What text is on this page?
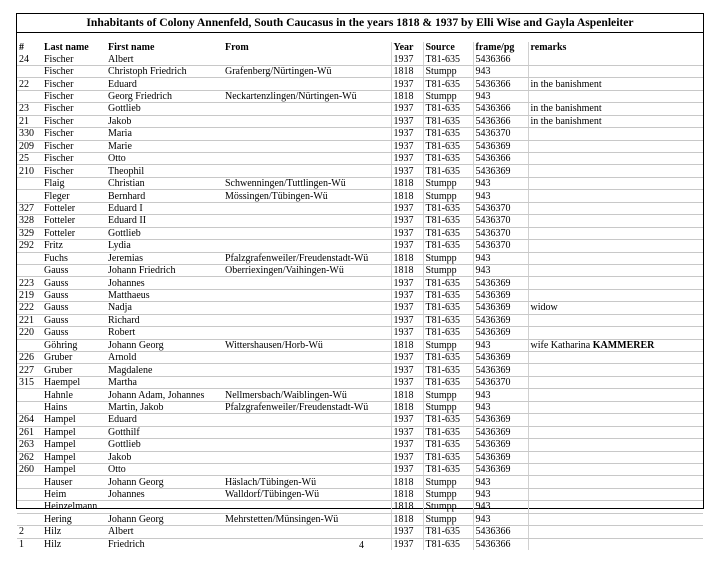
Inhabitants of Colony Annenfeld, South Caucasus in the years 1818 & 1937 by Elli Wise and Gayla Aspenleiter
#	Last name	First name	From	Year	Source	frame/pg	remarks
24	Fischer	Albert		1937	T81-635	5436366	
	Fischer	Christoph Friedrich	Grafenberg/Nürtingen-Wü	1818	Stumpp	943	
22	Fischer	Eduard		1937	T81-635	5436366	in the banishment
	Fischer	Georg Friedrich	Neckartenzlingen/Nürtingen-Wü	1818	Stumpp	943	
23	Fischer	Gottlieb		1937	T81-635	5436366	in the banishment
21	Fischer	Jakob		1937	T81-635	5436366	in the banishment
330	Fischer	Maria		1937	T81-635	5436370	
209	Fischer	Marie		1937	T81-635	5436369	
25	Fischer	Otto		1937	T81-635	5436366	
210	Fischer	Theophil		1937	T81-635	5436369	
	Flaig	Christian	Schwenningen/Tuttlingen-Wü	1818	Stumpp	943	
	Fleger	Bernhard	Mössingen/Tübingen-Wü	1818	Stumpp	943	
327	Fotteler	Eduard I		1937	T81-635	5436370	
328	Fotteler	Eduard II		1937	T81-635	5436370	
329	Fotteler	Gottlieb		1937	T81-635	5436370	
292	Fritz	Lydia		1937	T81-635	5436370	
	Fuchs	Jeremias	Pfalzgrafenweiler/Freudenstadt-Wü	1818	Stumpp	943	
	Gauss	Johann Friedrich	Oberriexingen/Vaihingen-Wü	1818	Stumpp	943	
223	Gauss	Johannes		1937	T81-635	5436369	
219	Gauss	Matthaeus		1937	T81-635	5436369	
222	Gauss	Nadja		1937	T81-635	5436369	widow
221	Gauss	Richard		1937	T81-635	5436369	
220	Gauss	Robert		1937	T81-635	5436369	
	Göhring	Johann Georg	Wittershausen/Horb-Wü	1818	Stumpp	943	wife Katharina KAMMERER
226	Gruber	Arnold		1937	T81-635	5436369	
227	Gruber	Magdalene		1937	T81-635	5436369	
315	Haempel	Martha		1937	T81-635	5436370	
	Hahnle	Johann Adam, Johannes	Nellmersbach/Waiblingen-Wü	1818	Stumpp	943	
	Hains	Martin, Jakob	Pfalzgrafenweiler/Freudenstadt-Wü	1818	Stumpp	943	
264	Hampel	Eduard		1937	T81-635	5436369	
261	Hampel	Gotthilf		1937	T81-635	5436369	
263	Hampel	Gottlieb		1937	T81-635	5436369	
262	Hampel	Jakob		1937	T81-635	5436369	
260	Hampel	Otto		1937	T81-635	5436369	
	Hauser	Johann Georg	Häslach/Tübingen-Wü	1818	Stumpp	943	
	Heim	Johannes	Walldorf/Tübingen-Wü	1818	Stumpp	943	
	Heinzelmann			1818	Stumpp	943	
	Hering	Johann Georg	Mehrstetten/Münsingen-Wü	1818	Stumpp	943	
2	Hilz	Albert		1937	T81-635	5436366	
1	Hilz	Friedrich		1937	T81-635	5436366	
4
